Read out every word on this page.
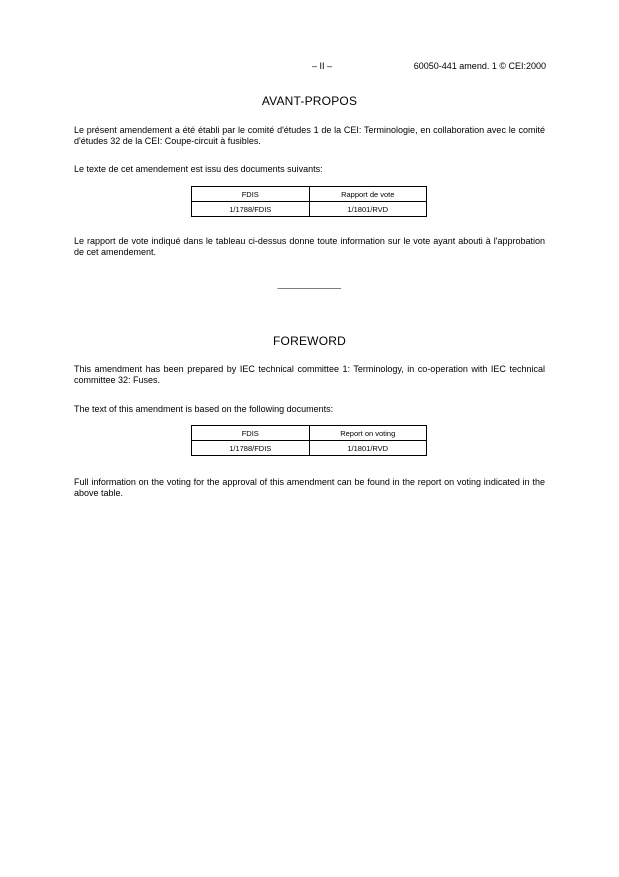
– II –	60050-441 amend. 1 © CEI:2000
AVANT-PROPOS
Le présent amendement a été établi par le comité d'études 1 de la CEI: Terminologie, en collaboration avec le comité d'études 32 de la CEI: Coupe-circuit à fusibles.
Le texte de cet amendement est issu des documents suivants:
FDIS	Rapport de vote
1/1788/FDIS	1/1801/RVD
Le rapport de vote indiqué dans le tableau ci-dessus donne toute information sur le vote ayant abouti à l'approbation de cet amendement.
______________
FOREWORD
This amendment has been prepared by IEC technical committee 1: Terminology, in co-operation with IEC technical committee 32: Fuses.
The text of this amendment is based on the following documents:
FDIS	Report on voting
1/1788/FDIS	1/1801/RVD
Full information on the voting for the approval of this amendment can be found in the report on voting indicated in the above table.
